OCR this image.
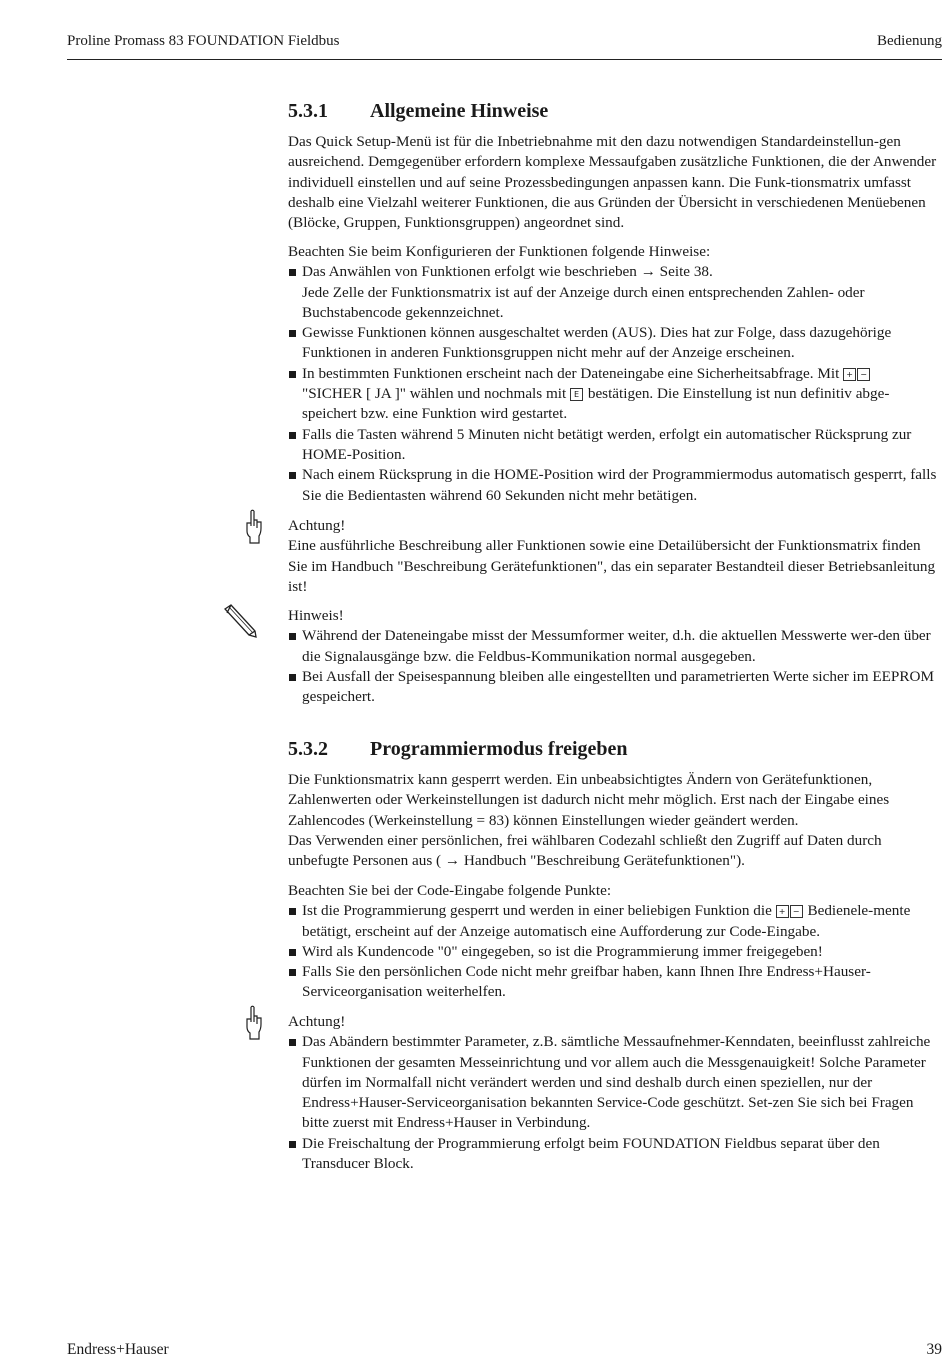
Proline Promass 83 FOUNDATION Fieldbus	Bedienung
5.3.1 Allgemeine Hinweise

Das Quick Setup-Menü ist für die Inbetriebnahme mit den dazu notwendigen Standardeinstellun-gen ausreichend. Demgegenüber erfordern komplexe Messaufgaben zusätzliche Funktionen, die der Anwender individuell einstellen und auf seine Prozessbedingungen anpassen kann. Die Funk-tionsmatrix umfasst deshalb eine Vielzahl weiterer Funktionen, die aus Gründen der Übersicht in verschiedenen Menüebenen (Blöcke, Gruppen, Funktionsgruppen) angeordnet sind.

Beachten Sie beim Konfigurieren der Funktionen folgende Hinweise:

Das Anwählen von Funktionen erfolgt wie beschrieben → Seite 38.
Jede Zelle der Funktionsmatrix ist auf der Anzeige durch einen entsprechenden Zahlen- oder Buchstabencode gekennzeichnet.
Gewisse Funktionen können ausgeschaltet werden (AUS). Dies hat zur Folge, dass dazugehörige Funktionen in anderen Funktionsgruppen nicht mehr auf der Anzeige erscheinen.
In bestimmten Funktionen erscheint nach der Dateneingabe eine Sicherheitsabfrage. Mit + −
"SICHER [ JA ]" wählen und nochmals mit E bestätigen. Die Einstellung ist nun definitiv abge-speichert bzw. eine Funktion wird gestartet.
Falls die Tasten während 5 Minuten nicht betätigt werden, erfolgt ein automatischer Rücksprung zur HOME-Position.
Nach einem Rücksprung in die HOME-Position wird der Programmiermodus automatisch gesperrt, falls Sie die Bedientasten während 60 Sekunden nicht mehr betätigen.

Achtung!

Eine ausführliche Beschreibung aller Funktionen sowie eine Detailübersicht der Funktionsmatrix finden Sie im Handbuch "Beschreibung Gerätefunktionen", das ein separater Bestandteil dieser Betriebsanleitung ist!

Hinweis!

Während der Dateneingabe misst der Messumformer weiter, d.h. die aktuellen Messwerte wer-den über die Signalausgänge bzw. die Feldbus-Kommunikation normal ausgegeben.
Bei Ausfall der Speisespannung bleiben alle eingestellten und parametrierten Werte sicher im EEPROM gespeichert.
5.3.2 Programmiermodus freigeben

Die Funktionsmatrix kann gesperrt werden. Ein unbeabsichtigtes Ändern von Gerätefunktionen, Zahlenwerten oder Werkeinstellungen ist dadurch nicht mehr möglich. Erst nach der Eingabe eines Zahlencodes (Werkeinstellung = 83) können Einstellungen wieder geändert werden.

Das Verwenden einer persönlichen, frei wählbaren Codezahl schließt den Zugriff auf Daten durch unbefugte Personen aus ( → Handbuch "Beschreibung Gerätefunktionen").

Beachten Sie bei der Code-Eingabe folgende Punkte:

Ist die Programmierung gesperrt und werden in einer beliebigen Funktion die + − Bedienele-mente betätigt, erscheint auf der Anzeige automatisch eine Aufforderung zur Code-Eingabe.
Wird als Kundencode "0" eingegeben, so ist die Programmierung immer freigegeben!
Falls Sie den persönlichen Code nicht mehr greifbar haben, kann Ihnen Ihre Endress+Hauser-Serviceorganisation weiterhelfen.

Achtung!

Das Abändern bestimmter Parameter, z.B. sämtliche Messaufnehmer-Kenndaten, beeinflusst zahlreiche Funktionen der gesamten Messeinrichtung und vor allem auch die Messgenauigkeit! Solche Parameter dürfen im Normalfall nicht verändert werden und sind deshalb durch einen speziellen, nur der Endress+Hauser-Serviceorganisation bekannten Service-Code geschützt. Set-zen Sie sich bei Fragen bitte zuerst mit Endress+Hauser in Verbindung.
Die Freischaltung der Programmierung erfolgt beim FOUNDATION Fieldbus separat über den Transducer Block.
Endress+Hauser	39
